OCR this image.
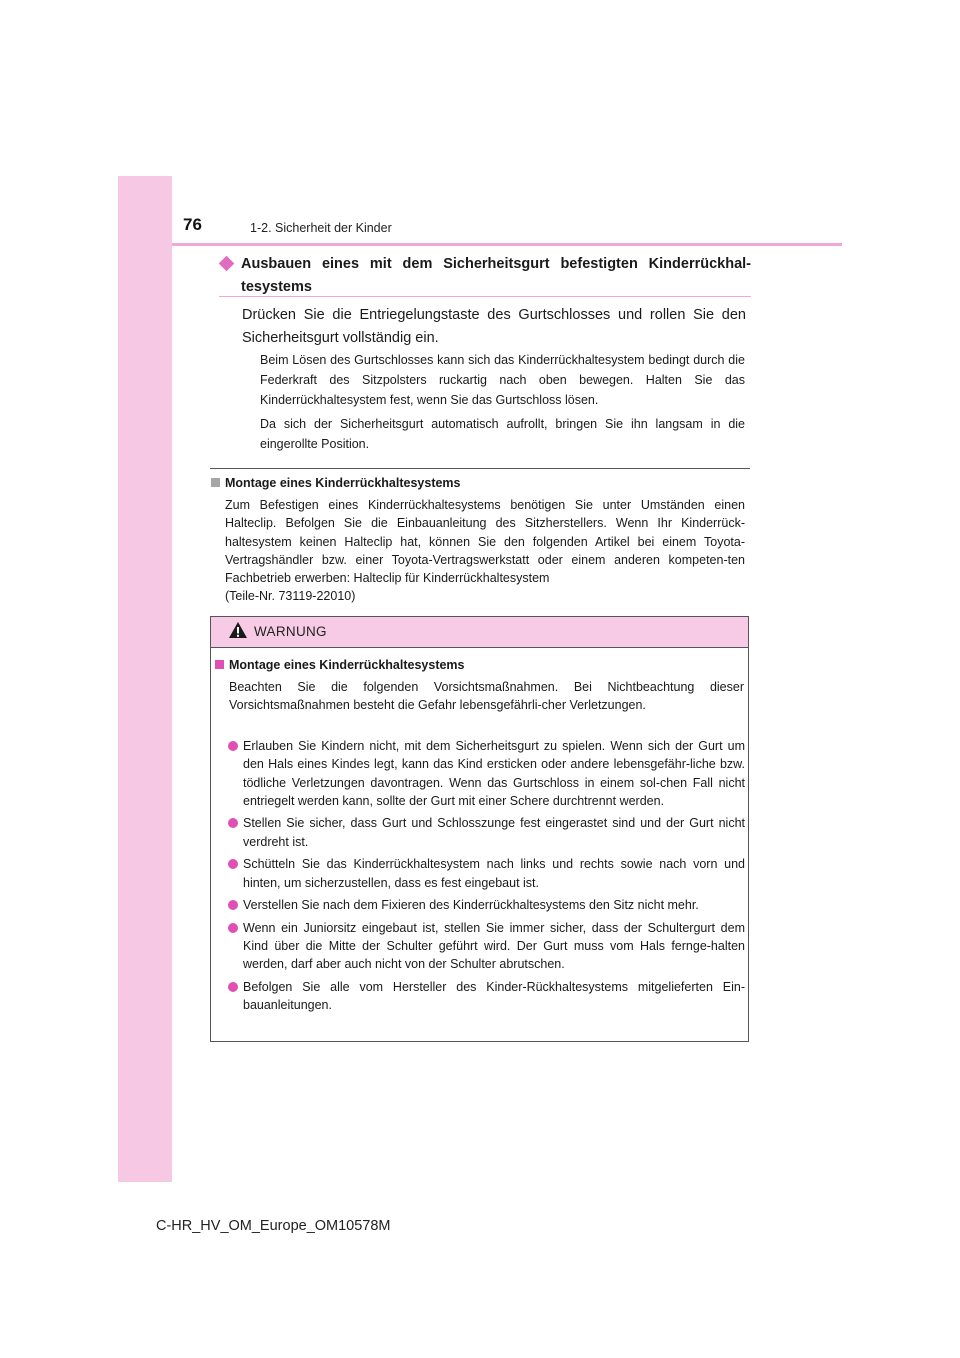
76	1-2. Sicherheit der Kinder
Ausbauen eines mit dem Sicherheitsgurt befestigten Kinderrückhal-tesystems
Drücken Sie die Entriegelungstaste des Gurtschlosses und rollen Sie den Sicherheitsgurt vollständig ein.
Beim Lösen des Gurtschlosses kann sich das Kinderrückhaltesystem bedingt durch die Federkraft des Sitzpolsters ruckartig nach oben bewegen. Halten Sie das Kinderrückhaltesystem fest, wenn Sie das Gurtschloss lösen.
Da sich der Sicherheitsgurt automatisch aufrollt, bringen Sie ihn langsam in die eingerollte Position.
Montage eines Kinderrückhaltesystems
Zum Befestigen eines Kinderrückhaltesystems benötigen Sie unter Umständen einen Halteclip. Befolgen Sie die Einbauanleitung des Sitzherstellers. Wenn Ihr Kinderrück-haltesystem keinen Halteclip hat, können Sie den folgenden Artikel bei einem Toyota-Vertragshändler bzw. einer Toyota-Vertragswerkstatt oder einem anderen kompeten-ten Fachbetrieb erwerben: Halteclip für Kinderrückhaltesystem
(Teile-Nr. 73119-22010)
WARNUNG
Montage eines Kinderrückhaltesystems
Beachten Sie die folgenden Vorsichtsmaßnahmen. Bei Nichtbeachtung dieser Vorsichtsmaßnahmen besteht die Gefahr lebensgefährli-cher Verletzungen.
Erlauben Sie Kindern nicht, mit dem Sicherheitsgurt zu spielen. Wenn sich der Gurt um den Hals eines Kindes legt, kann das Kind ersticken oder andere lebensgefähr-liche bzw. tödliche Verletzungen davontragen. Wenn das Gurtschloss in einem sol-chen Fall nicht entriegelt werden kann, sollte der Gurt mit einer Schere durchtrennt werden.
Stellen Sie sicher, dass Gurt und Schlosszunge fest eingerastet sind und der Gurt nicht verdreht ist.
Schütteln Sie das Kinderrückhaltesystem nach links und rechts sowie nach vorn und hinten, um sicherzustellen, dass es fest eingebaut ist.
Verstellen Sie nach dem Fixieren des Kinderrückhaltesystems den Sitz nicht mehr.
Wenn ein Juniorsitz eingebaut ist, stellen Sie immer sicher, dass der Schultergurt dem Kind über die Mitte der Schulter geführt wird. Der Gurt muss vom Hals fernge-halten werden, darf aber auch nicht von der Schulter abrutschen.
Befolgen Sie alle vom Hersteller des Kinder-Rückhaltesystems mitgelieferten Ein-bauanleitungen.
C-HR_HV_OM_Europe_OM10578M
